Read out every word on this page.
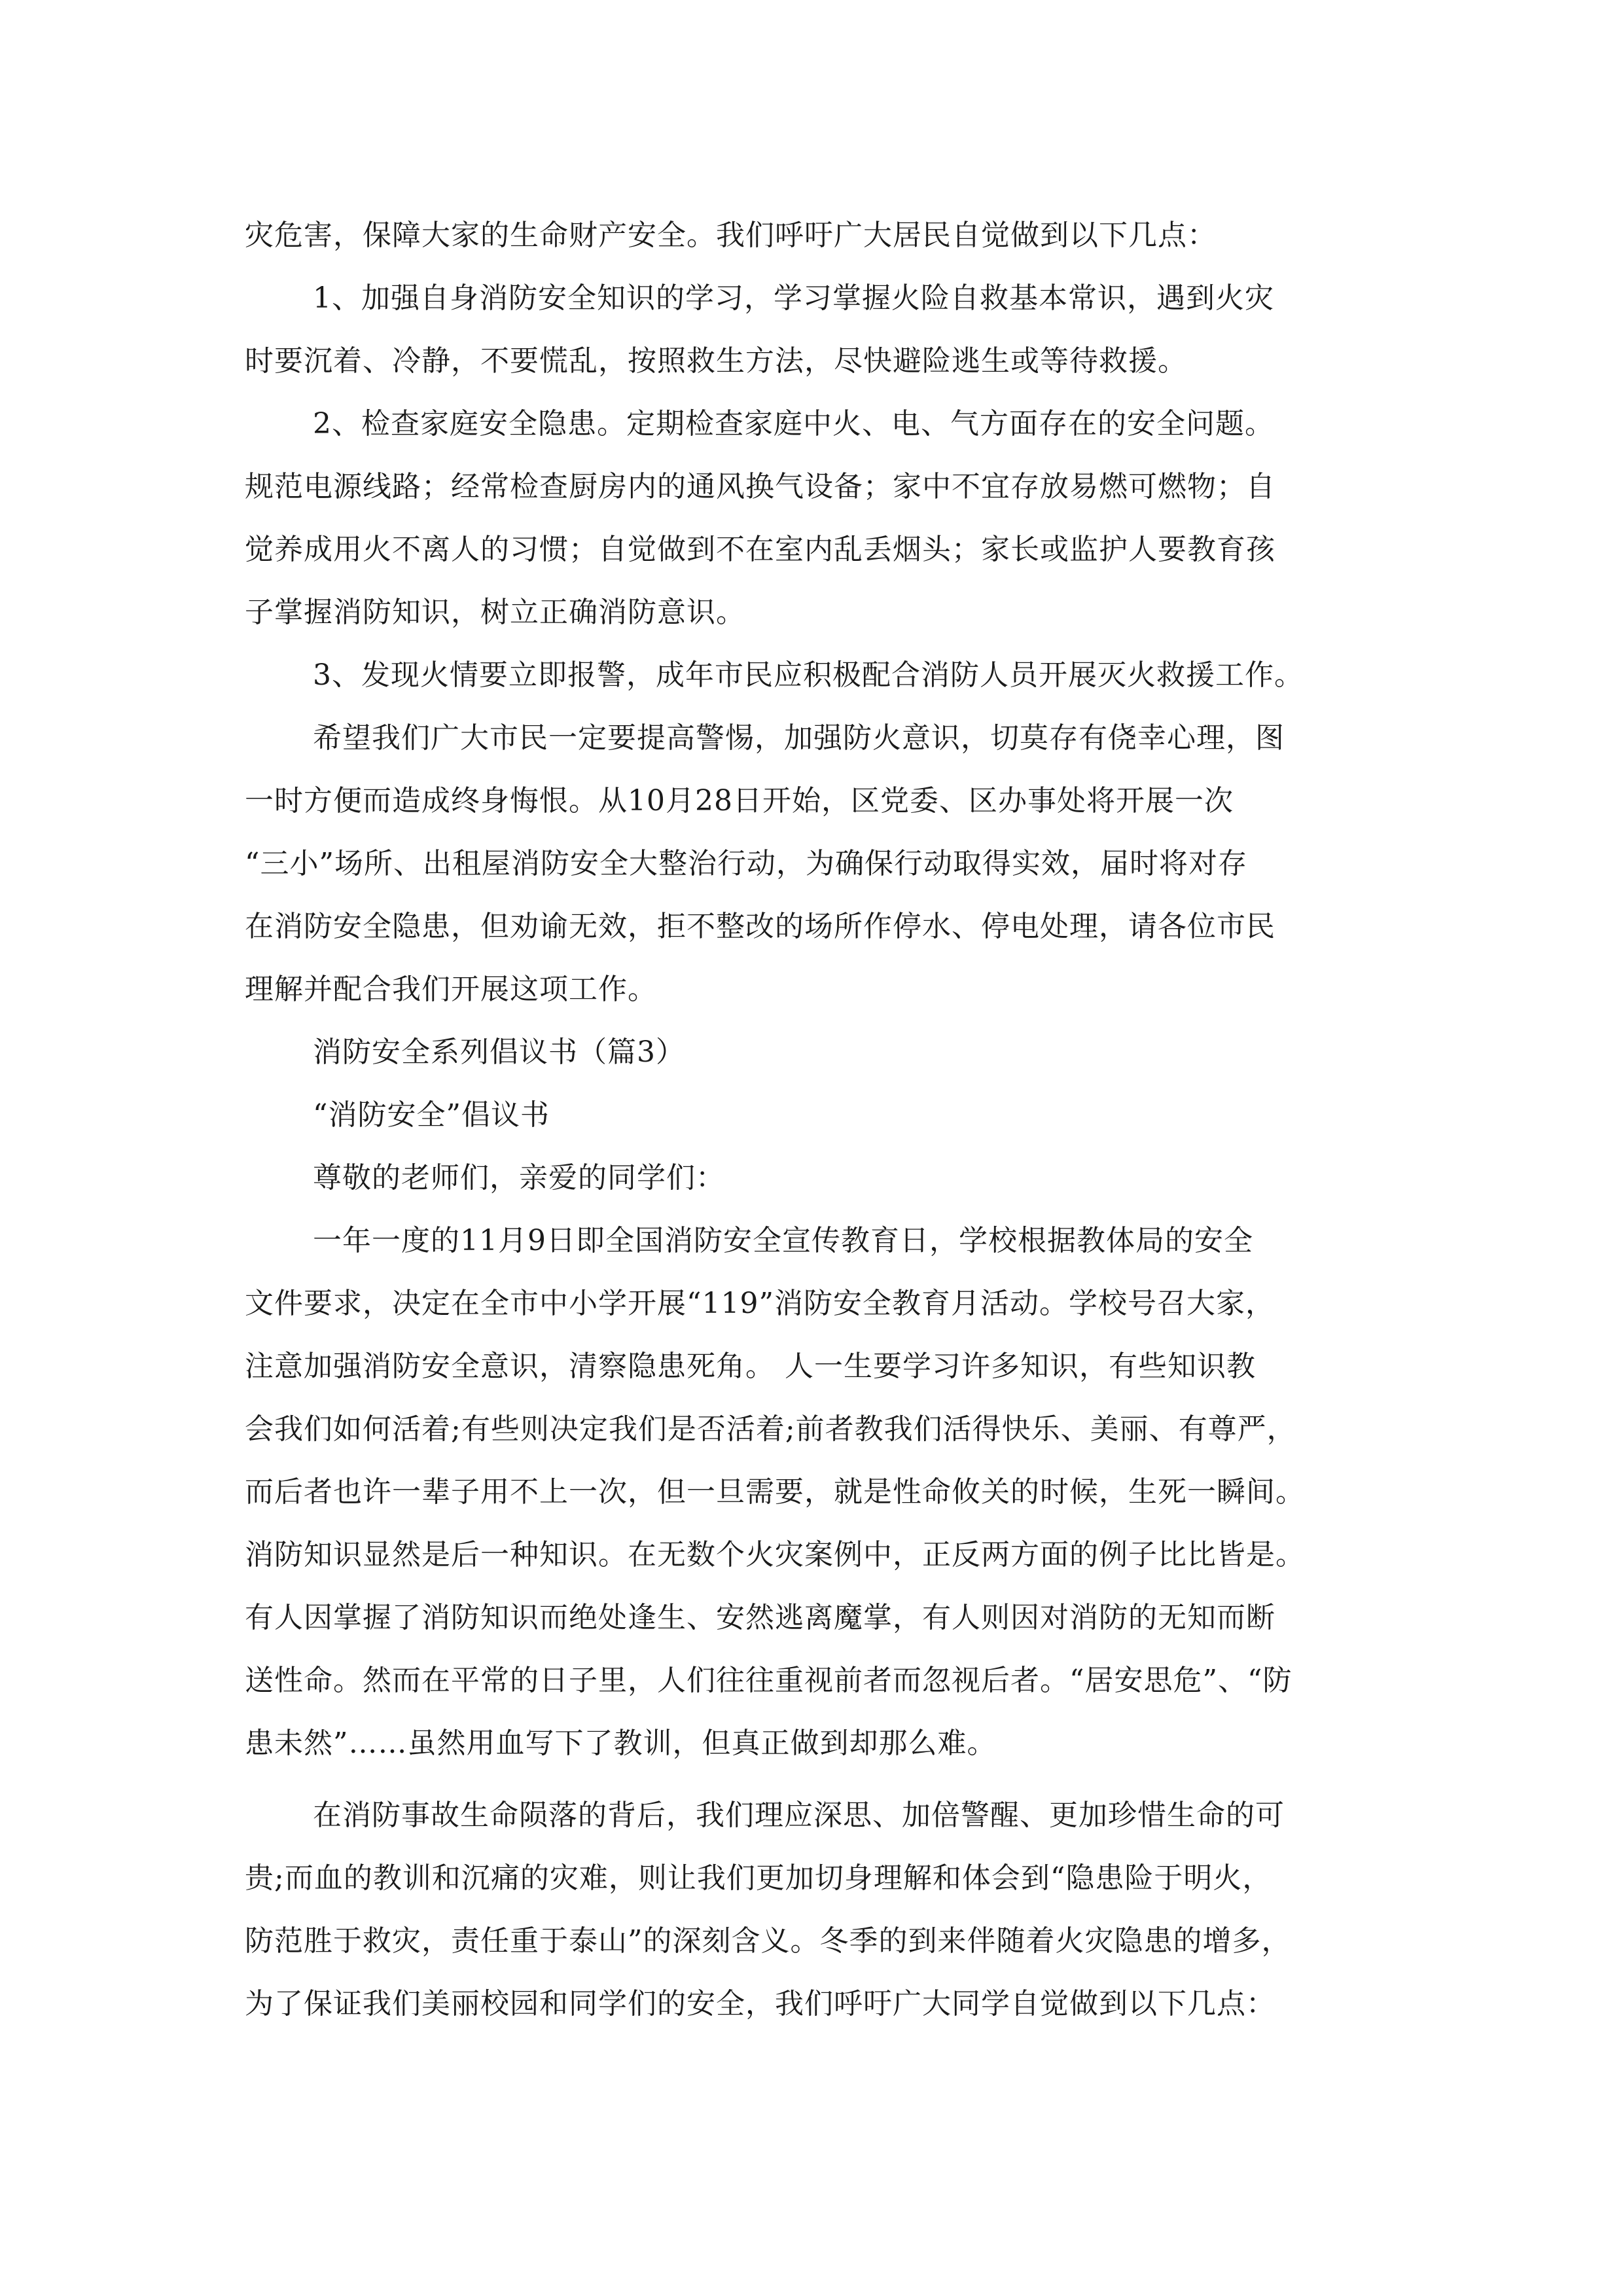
灾危害，保障大家的生命财产安全。我们呼吁广大居民自觉做到以下几点：
1、加强自身消防安全知识的学习，学习掌握火险自救基本常识，遇到火灾
时要沉着、冷静，不要慌乱，按照救生方法，尽快避险逃生或等待救援。
2、检查家庭安全隐患。定期检查家庭中火、电、气方面存在的安全问题。
规范电源线路；经常检查厨房内的通风换气设备；家中不宜存放易燃可燃物；自
觉养成用火不离人的习惯；自觉做到不在室内乱丢烟头；家长或监护人要教育孩
子掌握消防知识，树立正确消防意识。
3、发现火情要立即报警，成年市民应积极配合消防人员开展灭火救援工作。
希望我们广大市民一定要提高警惕，加强防火意识，切莫存有侥幸心理，图
一时方便而造成终身悔恨。从10月28日开始，区党委、区办事处将开展一次
“三小”场所、出租屋消防安全大整治行动，为确保行动取得实效，届时将对存
在消防安全隐患，但劝谕无效，拒不整改的场所作停水、停电处理，请各位市民
理解并配合我们开展这项工作。
消防安全系列倡议书（篇3）
“消防安全”倡议书
尊敬的老师们，亲爱的同学们：
一年一度的11月9日即全国消防安全宣传教育日，学校根据教体局的安全
文件要求，决定在全市中小学开展“119”消防安全教育月活动。学校号召大家，
注意加强消防安全意识，清察隐患死角。 人一生要学习许多知识，有些知识教
会我们如何活着;有些则决定我们是否活着;前者教我们活得快乐、美丽、有尊严，
而后者也许一辈子用不上一次，但一旦需要，就是性命攸关的时候，生死一瞬间。
消防知识显然是后一种知识。在无数个火灾案例中，正反两方面的例子比比皆是。
有人因掌握了消防知识而绝处逢生、安然逃离魔掌，有人则因对消防的无知而断
送性命。然而在平常的日子里，人们往往重视前者而忽视后者。“居安思危”、“防
患未然”……虽然用血写下了教训，但真正做到却那么难。
在消防事故生命陨落的背后，我们理应深思、加倍警醒、更加珍惜生命的可
贵;而血的教训和沉痛的灾难，则让我们更加切身理解和体会到“隐患险于明火，
防范胜于救灾，责任重于泰山”的深刻含义。冬季的到来伴随着火灾隐患的增多，
为了保证我们美丽校园和同学们的安全，我们呼吁广大同学自觉做到以下几点：
